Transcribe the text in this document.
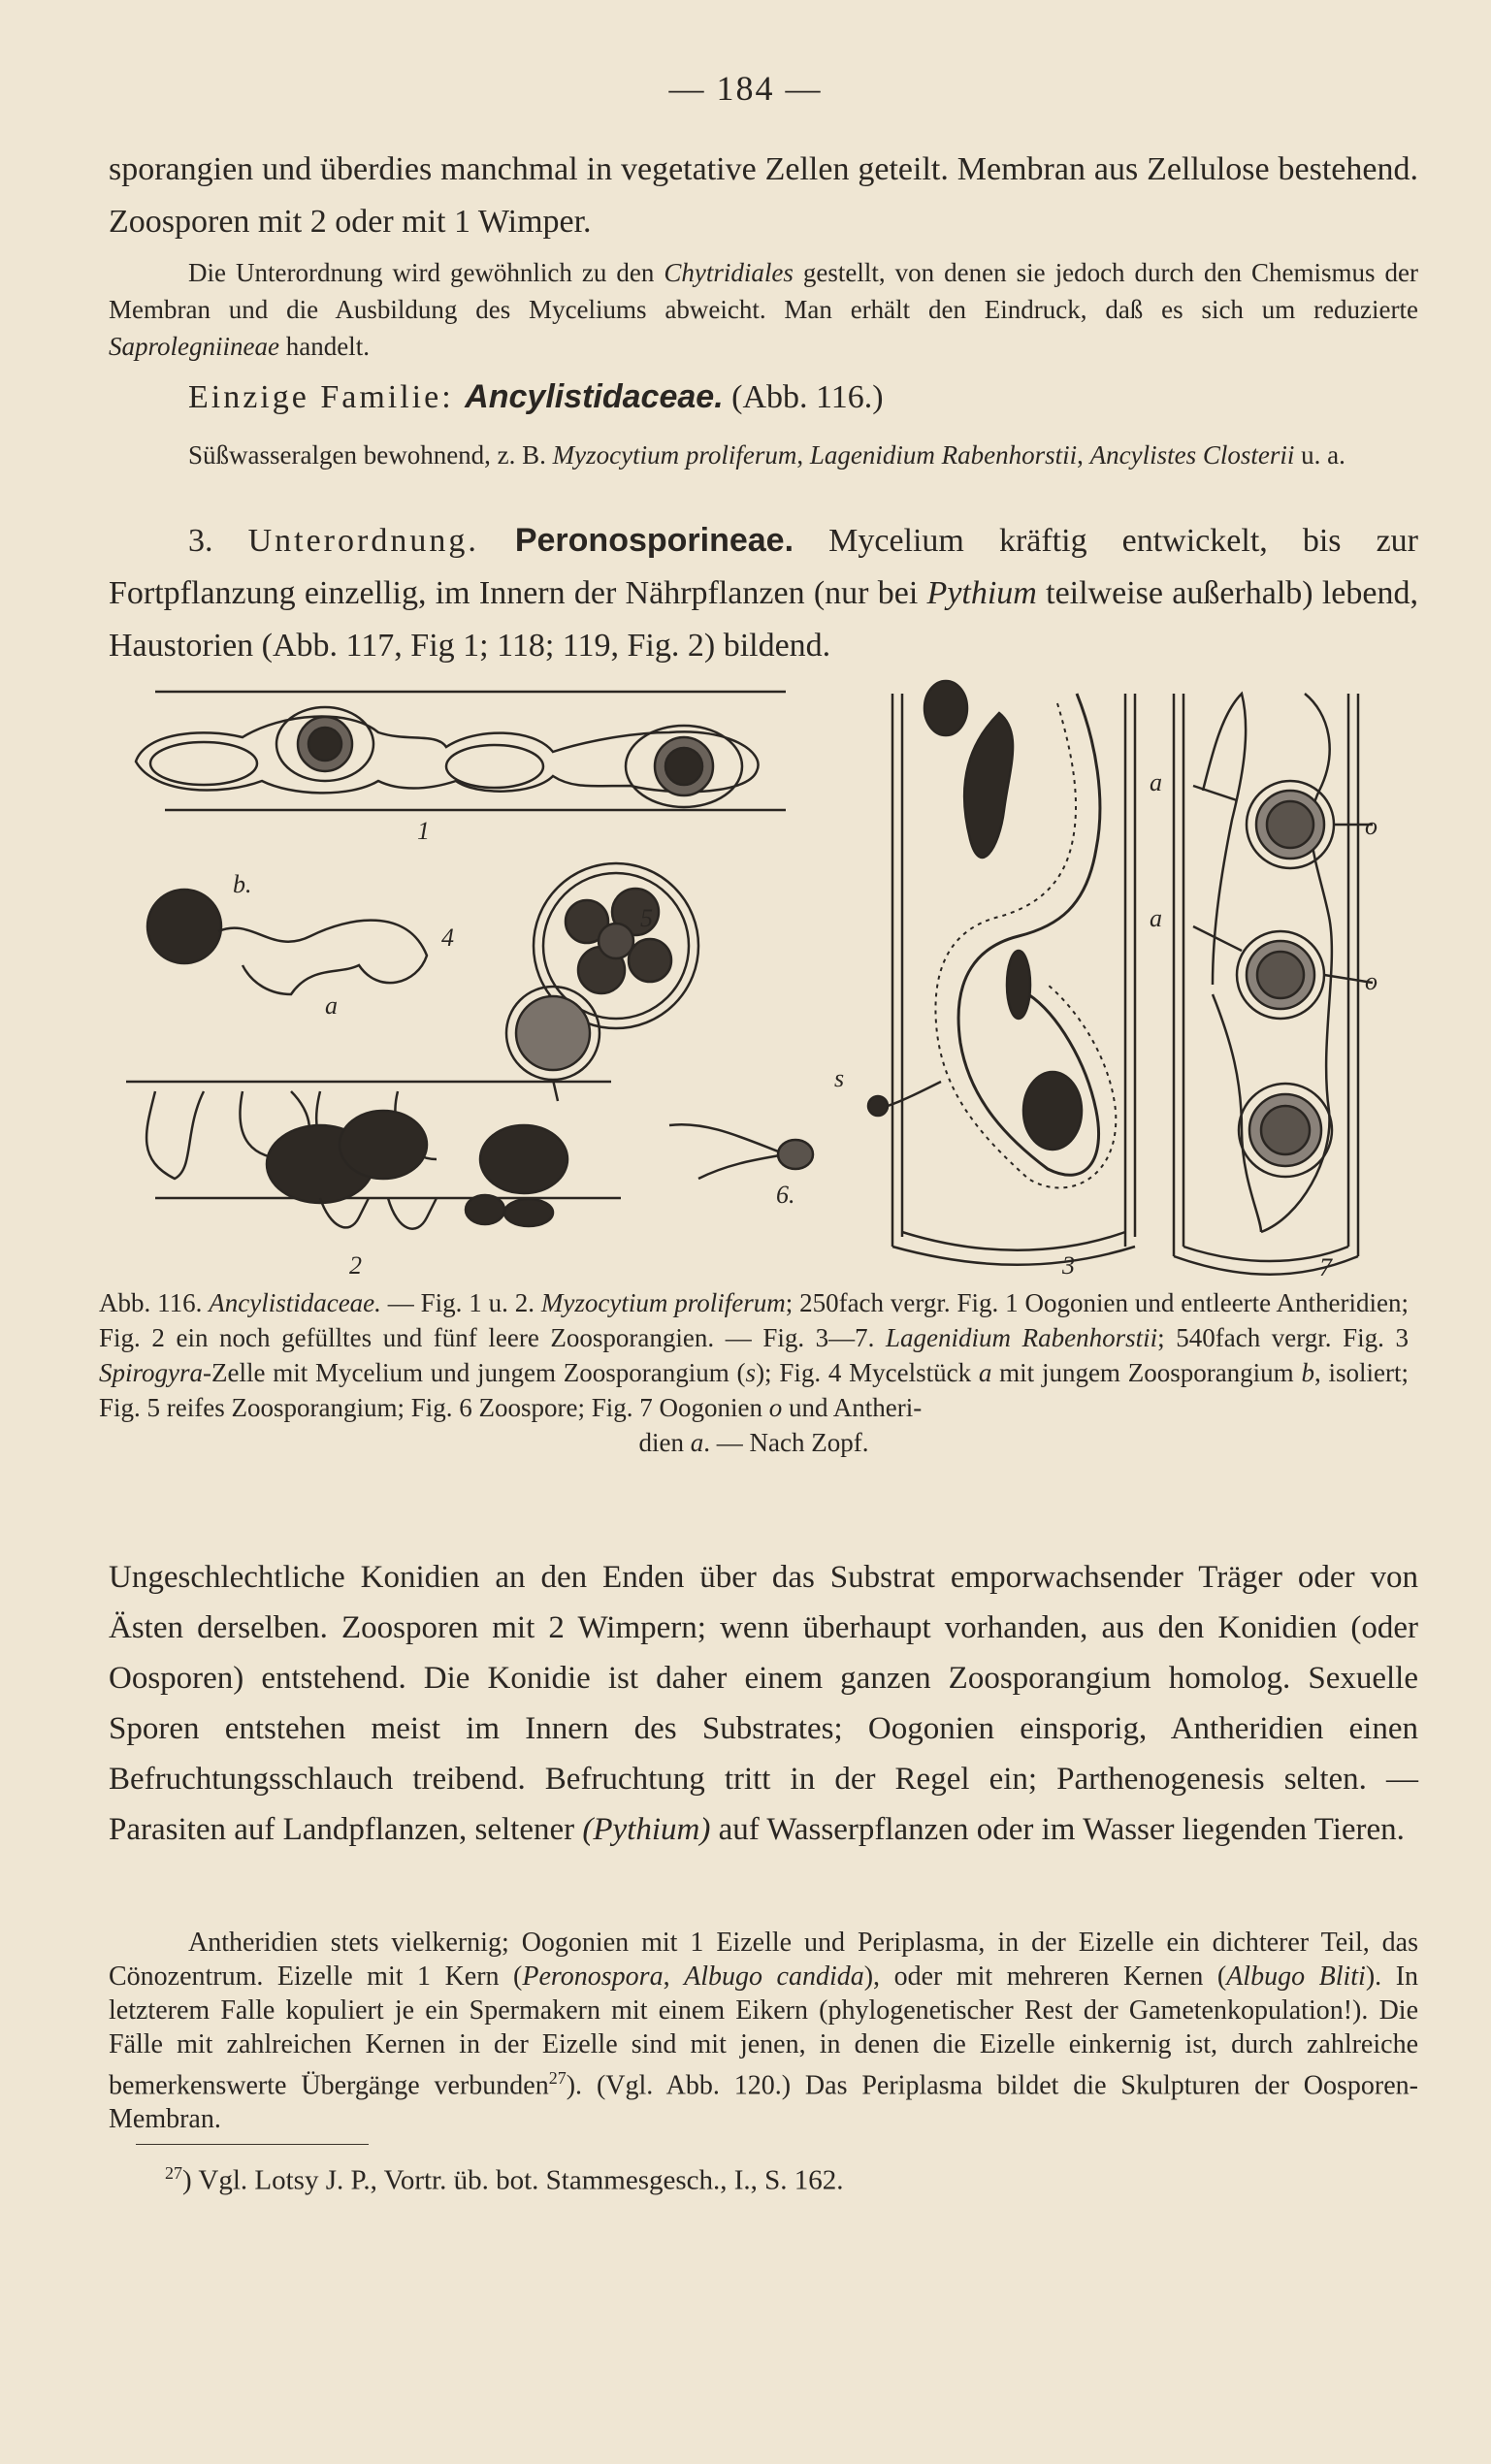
— 184 —

sporangien und überdies manchmal in vegetative Zellen geteilt. Membran aus Zellulose bestehend. Zoosporen mit 2 oder mit 1 Wimper.

Die Unterordnung wird gewöhnlich zu den Chytridiales gestellt, von denen sie jedoch durch den Chemismus der Membran und die Ausbildung des Myceliums abweicht. Man erhält den Eindruck, daß es sich um reduzierte Saprolegniineae handelt.

Einzige Familie: Ancylistidaceae. (Abb. 116.)

Süßwasseralgen bewohnend, z. B. Myzocytium proliferum, Lagenidium Rabenhorstii, Ancylistes Closterii u. a.

3. Unterordnung. Peronosporineae. Mycelium kräftig entwickelt, bis zur Fortpflanzung einzellig, im Innern der Nährpflanzen (nur bei Pythium teilweise außerhalb) lebend, Haustorien (Abb. 117, Fig 1; 118; 119, Fig. 2) bildend.

1
2	3
4
5
6.
7
b.
a
s
a
a
o
o

Abb. 116. Ancylistidaceae. — Fig. 1 u. 2. Myzocytium proliferum; 250fach vergr. Fig. 1 Oogonien und entleerte Antheridien; Fig. 2 ein noch gefülltes und fünf leere Zoosporangien. — Fig. 3—7. Lagenidium Rabenhorstii; 540fach vergr. Fig. 3 Spirogyra-Zelle mit Mycelium und jungem Zoosporangium (s); Fig. 4 Mycelstück a mit jungem Zoosporangium b, isoliert; Fig. 5 reifes Zoosporangium; Fig. 6 Zoospore; Fig. 7 Oogonien o und Antheri-
dien a. — Nach Zopf.

Ungeschlechtliche Konidien an den Enden über das Substrat emporwachsender Träger oder von Ästen derselben. Zoosporen mit 2 Wimpern; wenn überhaupt vorhanden, aus den Konidien (oder Oosporen) entstehend. Die Konidie ist daher einem ganzen Zoosporangium homolog. Sexuelle Sporen entstehen meist im Innern des Substrates; Oogonien einsporig, Antheridien einen Befruchtungsschlauch treibend. Befruchtung tritt in der Regel ein; Parthenogenesis selten. — Parasiten auf Landpflanzen, seltener (Pythium) auf Wasserpflanzen oder im Wasser liegenden Tieren.

Antheridien stets vielkernig; Oogonien mit 1 Eizelle und Periplasma, in der Eizelle ein dichterer Teil, das Cönozentrum. Eizelle mit 1 Kern (Peronospora, Albugo candida), oder mit mehreren Kernen (Albugo Bliti). In letzterem Falle kopuliert je ein Spermakern mit einem Eikern (phylogenetischer Rest der Gametenkopulation!). Die Fälle mit zahlreichen Kernen in der Eizelle sind mit jenen, in denen die Eizelle einkernig ist, durch zahlreiche bemerkenswerte Übergänge verbunden$^{27}$). (Vgl. Abb. 120.) Das Periplasma bildet die Skulpturen der Oosporen-Membran.

$^{27}$) Vgl. Lotsy J. P., Vortr. üb. bot. Stammesgesch., I., S. 162.
